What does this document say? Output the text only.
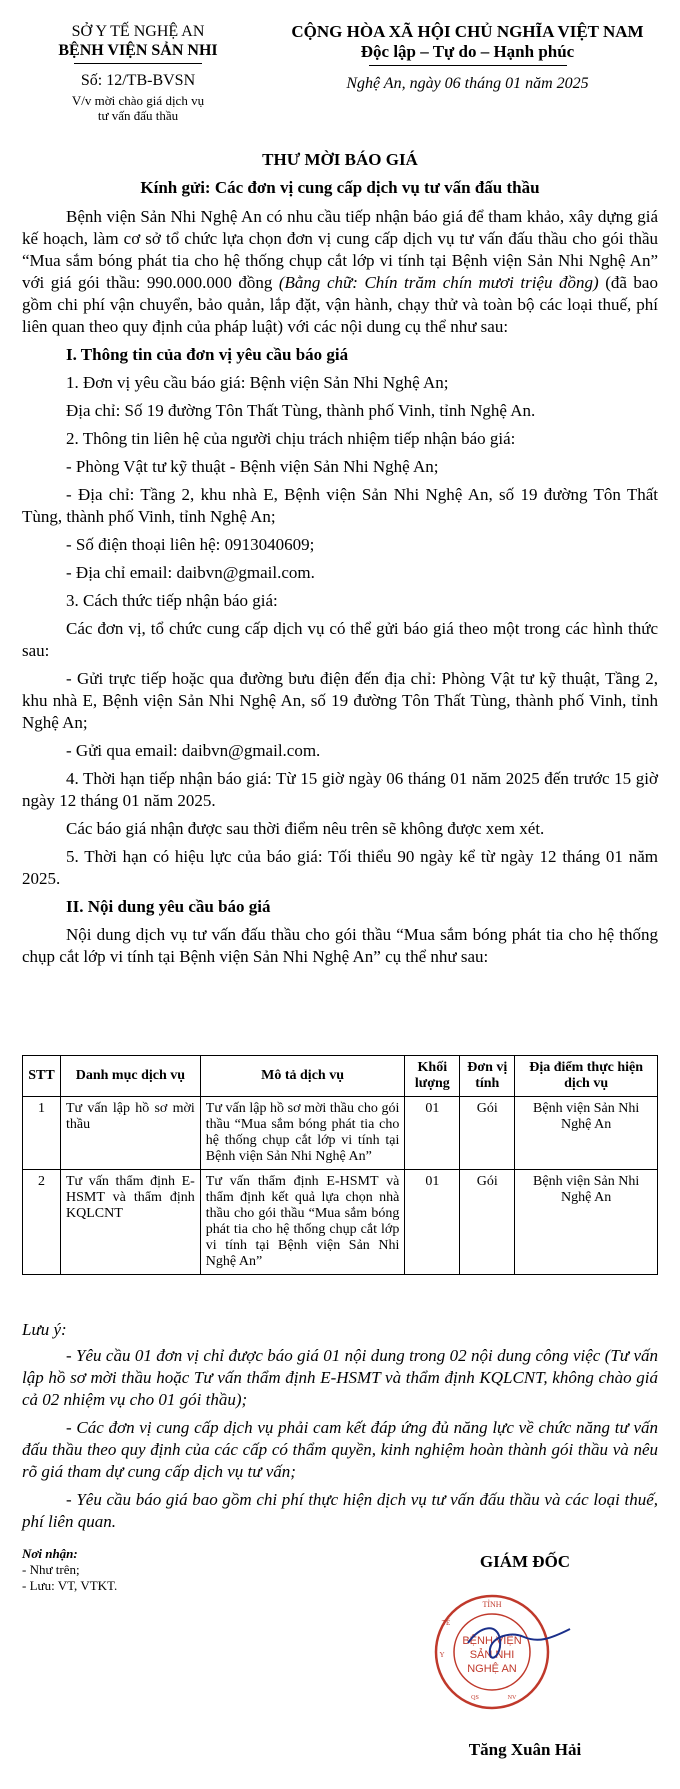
SỞ Y TẾ NGHỆ AN
BỆNH VIỆN SẢN NHI
Số: 12/TB-BVSN
V/v mời chào giá dịch vụ
tư vấn đấu thầu
CỘNG HÒA XÃ HỘI CHỦ NGHĨA VIỆT NAM
Độc lập – Tự do – Hạnh phúc
Nghệ An, ngày 06 tháng 01 năm 2025
THƯ MỜI BÁO GIÁ
Kính gửi: Các đơn vị cung cấp dịch vụ tư vấn đấu thầu

Bệnh viện Sản Nhi Nghệ An có nhu cầu tiếp nhận báo giá để tham khảo, xây dựng giá kế hoạch, làm cơ sở tổ chức lựa chọn đơn vị cung cấp dịch vụ tư vấn đấu thầu cho gói thầu “Mua sắm bóng phát tia cho hệ thống chụp cắt lớp vi tính tại Bệnh viện Sản Nhi Nghệ An” với giá gói thầu: 990.000.000 đồng (Bằng chữ: Chín trăm chín mươi triệu đồng) (đã bao gồm chi phí vận chuyển, bảo quản, lắp đặt, vận hành, chạy thử và toàn bộ các loại thuế, phí liên quan theo quy định của pháp luật) với các nội dung cụ thể như sau:

I. Thông tin của đơn vị yêu cầu báo giá

1. Đơn vị yêu cầu báo giá: Bệnh viện Sản Nhi Nghệ An;

Địa chỉ: Số 19 đường Tôn Thất Tùng, thành phố Vinh, tỉnh Nghệ An.

2. Thông tin liên hệ của người chịu trách nhiệm tiếp nhận báo giá:

- Phòng Vật tư kỹ thuật - Bệnh viện Sản Nhi Nghệ An;

- Địa chỉ: Tầng 2, khu nhà E, Bệnh viện Sản Nhi Nghệ An, số 19 đường Tôn Thất Tùng, thành phố Vinh, tỉnh Nghệ An;

- Số điện thoại liên hệ: 0913040609;

- Địa chỉ email: daibvn@gmail.com.

3. Cách thức tiếp nhận báo giá:

Các đơn vị, tổ chức cung cấp dịch vụ có thể gửi báo giá theo một trong các hình thức sau:

- Gửi trực tiếp hoặc qua đường bưu điện đến địa chỉ: Phòng Vật tư kỹ thuật, Tầng 2, khu nhà E, Bệnh viện Sản Nhi Nghệ An, số 19 đường Tôn Thất Tùng, thành phố Vinh, tỉnh Nghệ An;

- Gửi qua email: daibvn@gmail.com.

4. Thời hạn tiếp nhận báo giá: Từ 15 giờ ngày 06 tháng 01 năm 2025 đến trước 15 giờ ngày 12 tháng 01 năm 2025.

Các báo giá nhận được sau thời điểm nêu trên sẽ không được xem xét.

5. Thời hạn có hiệu lực của báo giá: Tối thiểu 90 ngày kể từ ngày 12 tháng 01 năm 2025.

II. Nội dung yêu cầu báo giá

Nội dung dịch vụ tư vấn đấu thầu cho gói thầu “Mua sắm bóng phát tia cho hệ thống chụp cắt lớp vi tính tại Bệnh viện Sản Nhi Nghệ An” cụ thể như sau:

STT	Danh mục dịch vụ	Mô tả dịch vụ	Khối lượng	Đơn vị tính	Địa điểm thực hiện dịch vụ
1	Tư vấn lập hồ sơ mời thầu	Tư vấn lập hồ sơ mời thầu cho gói thầu “Mua sắm bóng phát tia cho hệ thống chụp cắt lớp vi tính tại Bệnh viện Sản Nhi Nghệ An”	01	Gói	Bệnh viện Sản Nhi Nghệ An
2	Tư vấn thẩm định E-HSMT và thẩm định KQLCNT	Tư vấn thẩm định E-HSMT và thẩm định kết quả lựa chọn nhà thầu cho gói thầu “Mua sắm bóng phát tia cho hệ thống chụp cắt lớp vi tính tại Bệnh viện Sản Nhi Nghệ An”	01	Gói	Bệnh viện Sản Nhi Nghệ An

Lưu ý:

- Yêu cầu 01 đơn vị chỉ được báo giá 01 nội dung trong 02 nội dung công việc (Tư vấn lập hồ sơ mời thầu hoặc Tư vấn thẩm định E-HSMT và thẩm định KQLCNT, không chào giá cả 02 nhiệm vụ cho 01 gói thầu);

- Các đơn vị cung cấp dịch vụ phải cam kết đáp ứng đủ năng lực về chức năng tư vấn đấu thầu theo quy định của các cấp có thẩm quyền, kinh nghiệm hoàn thành gói thầu và nêu rõ giá tham dự cung cấp dịch vụ tư vấn;

- Yêu cầu báo giá bao gồm chi phí thực hiện dịch vụ tư vấn đấu thầu và các loại thuế, phí liên quan.

Nơi nhận:
- Như trên;
- Lưu: VT, VTKT.
GIÁM ĐỐC
TỈNH
BỆNH VIỆN
SẢN NHI
NGHỆ AN
Y
TẾ
QS	NV
Tăng Xuân Hải
